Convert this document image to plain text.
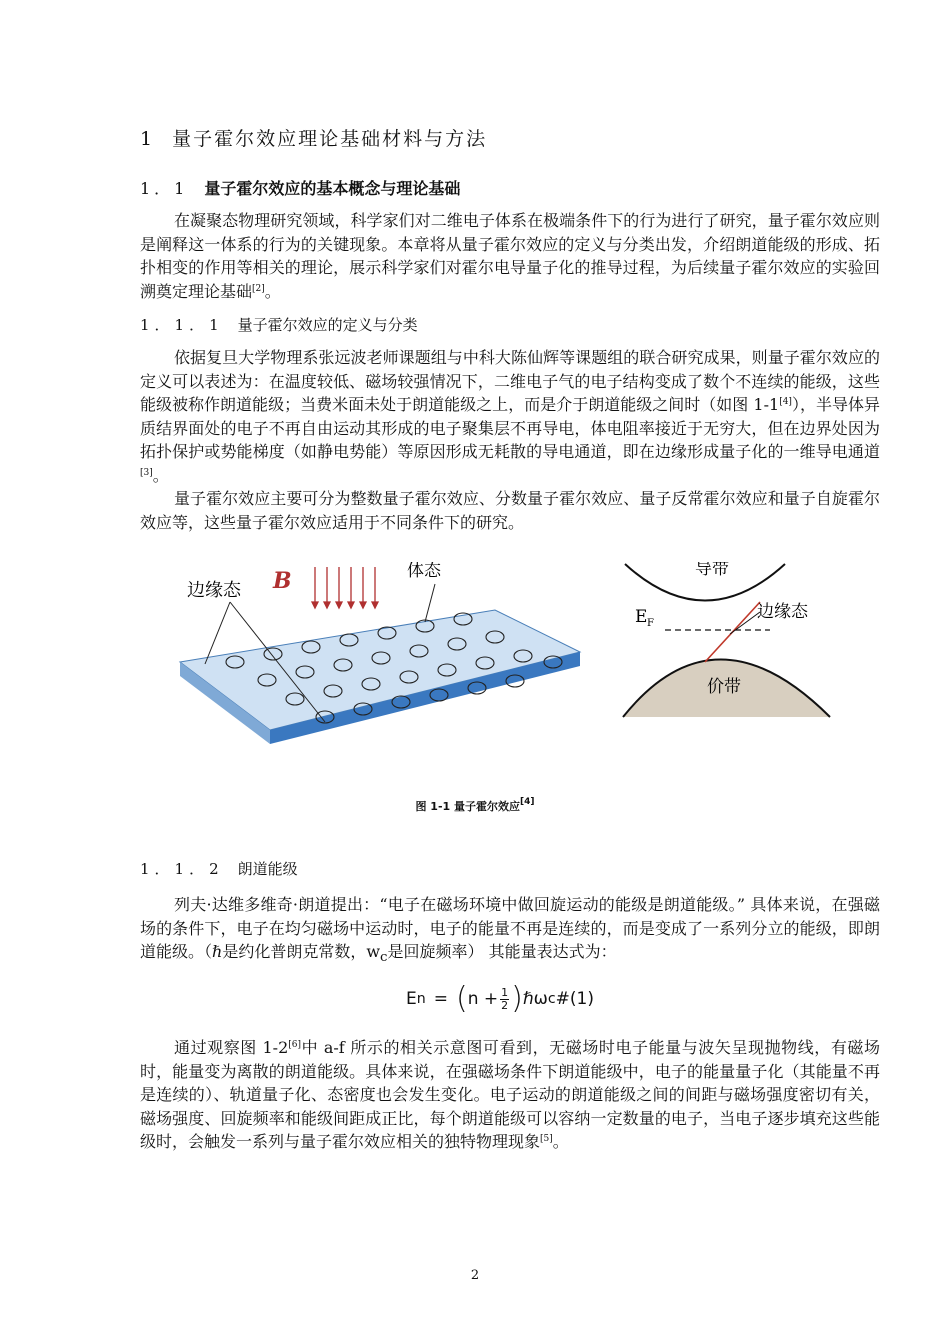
1 量子霍尔效应理论基础材料与方法
1．1 量子霍尔效应的基本概念与理论基础

在凝聚态物理研究领域，科学家们对二维电子体系在极端条件下的行为进行了研究，量子霍尔效应则是阐释这一体系的行为的关键现象。本章将从量子霍尔效应的定义与分类出发，介绍朗道能级的形成、拓扑相变的作用等相关的理论，展示科学家们对霍尔电导量子化的推导过程，为后续量子霍尔效应的实验回溯奠定理论基础[2]。

1．1．1 量子霍尔效应的定义与分类

依据复旦大学物理系张远波老师课题组与中科大陈仙辉等课题组的联合研究成果，则量子霍尔效应的定义可以表述为：在温度较低、磁场较强情况下，二维电子气的电子结构变成了数个不连续的能级，这些能级被称作朗道能级；当费米面未处于朗道能级之上，而是介于朗道能级之间时（如图 1-1[4]），半导体异质结界面处的电子不再自由运动其形成的电子聚集层不再导电，体电阻率接近于无穷大，但在边界处因为拓扑保护或势能梯度（如静电势能）等原因形成无耗散的导电通道，即在边缘形成量子化的一维导电通道[3]。

量子霍尔效应主要可分为整数量子霍尔效应、分数量子霍尔效应、量子反常霍尔效应和量子自旋霍尔效应等，这些量子霍尔效应适用于不同条件下的研究。

边缘态 B	体态	导带
E F
边缘态
价带
图 1-1 量子霍尔效应[4]
1．1．2 朗道能级

列夫·达维多维奇·朗道提出：“电子在磁场环境中做回旋运动的能级是朗道能级。” 具体来说，在强磁场的条件下，电子在均匀磁场中运动时，电子的能量不再是连续的，而是变成了一系列分立的能级，即朗道能级。（ℏ是约化普朗克常数，$w_c$是回旋频率） 其能量表达式为：

E n = ( $n + \frac{1}{2}$ ) ℏω c #(1)

通过观察图 1-2[6]中 a-f 所示的相关示意图可看到，无磁场时电子能量与波矢呈现抛物线，有磁场时，能量变为离散的朗道能级。具体来说，在强磁场条件下朗道能级中，电子的能量量子化（其能量不再是连续的）、轨道量子化、态密度也会发生变化。电子运动的朗道能级之间的间距与磁场强度密切有关，磁场强度、回旋频率和能级间距成正比，每个朗道能级可以容纳一定数量的电子，当电子逐步填充这些能级时，会触发一系列与量子霍尔效应相关的独特物理现象[5]。

2
